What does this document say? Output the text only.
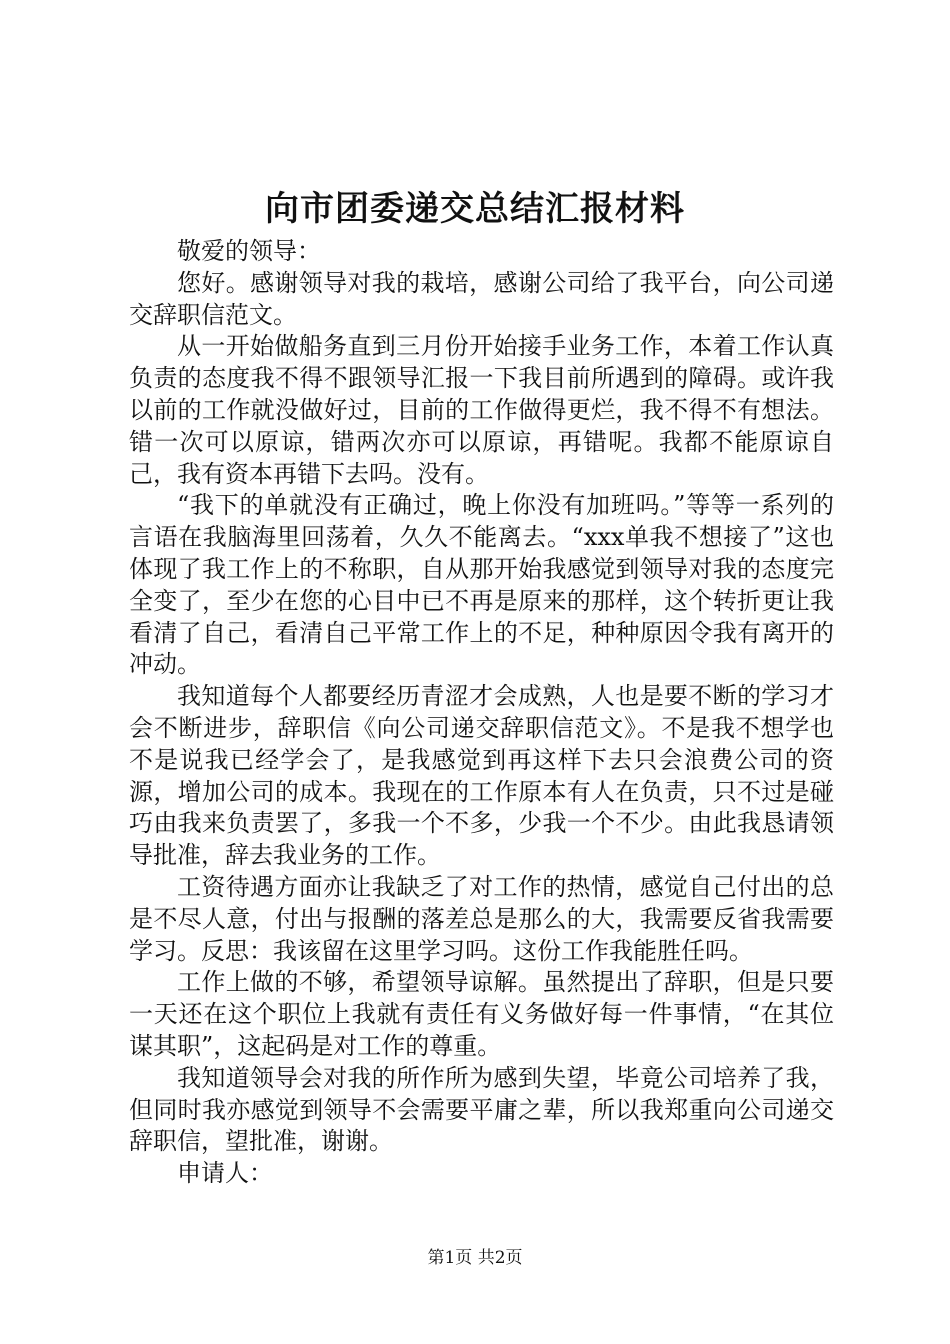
向市团委递交总结汇报材料

敬爱的领导：

您好。感谢领导对我的栽培，感谢公司给了我平台，向公司递交辞职信范文。

从一开始做船务直到三月份开始接手业务工作，本着工作认真负责的态度我不得不跟领导汇报一下我目前所遇到的障碍。或许我以前的工作就没做好过，目前的工作做得更烂，我不得不有想法。错一次可以原谅，错两次亦可以原谅，再错呢。我都不能原谅自己，我有资本再错下去吗。没有。

“我下的单就没有正确过，晚上你没有加班吗。”等等一系列的言语在我脑海里回荡着，久久不能离去。“xxx单我不想接了”这也体现了我工作上的不称职，自从那开始我感觉到领导对我的态度完全变了，至少在您的心目中已不再是原来的那样，这个转折更让我看清了自己，看清自己平常工作上的不足，种种原因令我有离开的冲动。

我知道每个人都要经历青涩才会成熟，人也是要不断的学习才会不断进步，辞职信《向公司递交辞职信范文》。不是我不想学也不是说我已经学会了，是我感觉到再这样下去只会浪费公司的资源，增加公司的成本。我现在的工作原本有人在负责，只不过是碰巧由我来负责罢了，多我一个不多，少我一个不少。由此我恳请领导批准，辞去我业务的工作。

工资待遇方面亦让我缺乏了对工作的热情，感觉自己付出的总是不尽人意，付出与报酬的落差总是那么的大，我需要反省我需要学习。反思：我该留在这里学习吗。这份工作我能胜任吗。

工作上做的不够，希望领导谅解。虽然提出了辞职，但是只要一天还在这个职位上我就有责任有义务做好每一件事情，“在其位谋其职”，这起码是对工作的尊重。

我知道领导会对我的所作所为感到失望，毕竟公司培养了我，但同时我亦感觉到领导不会需要平庸之辈，所以我郑重向公司递交辞职信，望批准，谢谢。

申请人：

第1页 共2页
